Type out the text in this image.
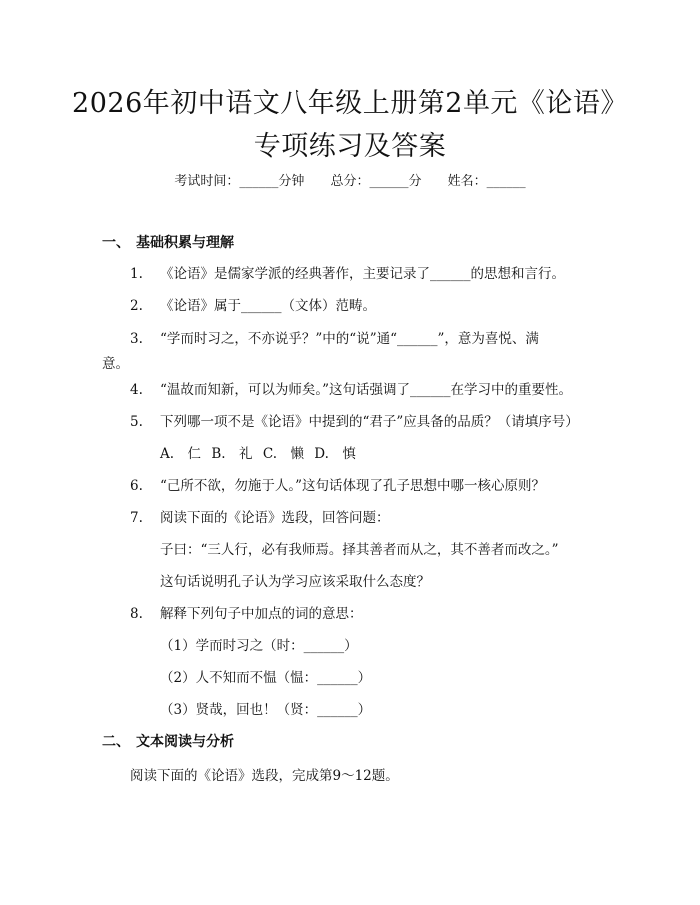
2026年初中语文八年级上册第2单元《论语》专项练习及答案
考试时间：______分钟 总分：______分 姓名：______
一、 基础积累与理解
1. 《论语》是儒家学派的经典著作，主要记录了______的思想和言行。
2. 《论语》属于______（文体）范畴。
3. “学而时习之，不亦说乎？”中的“说”通“______”，意为喜悦、满
意。
4. “温故而知新，可以为师矣。”这句话强调了______在学习中的重要性。
5. 下列哪一项不是《论语》中提到的“君子”应具备的品质？（请填序号）
A.　仁 B.　礼 C.　懒 D.　慎
6. “己所不欲，勿施于人。”这句话体现了孔子思想中哪一核心原则？
7. 阅读下面的《论语》选段，回答问题：
子曰：“三人行，必有我师焉。择其善者而从之，其不善者而改之。”
这句话说明孔子认为学习应该采取什么态度？
8. 解释下列句子中加点的词的意思：
（1）学而时习之（时：______）
（2）人不知而不愠（愠：______）
（3）贤哉，回也！（贤：______）
二、 文本阅读与分析
阅读下面的《论语》选段，完成第9～12题。
